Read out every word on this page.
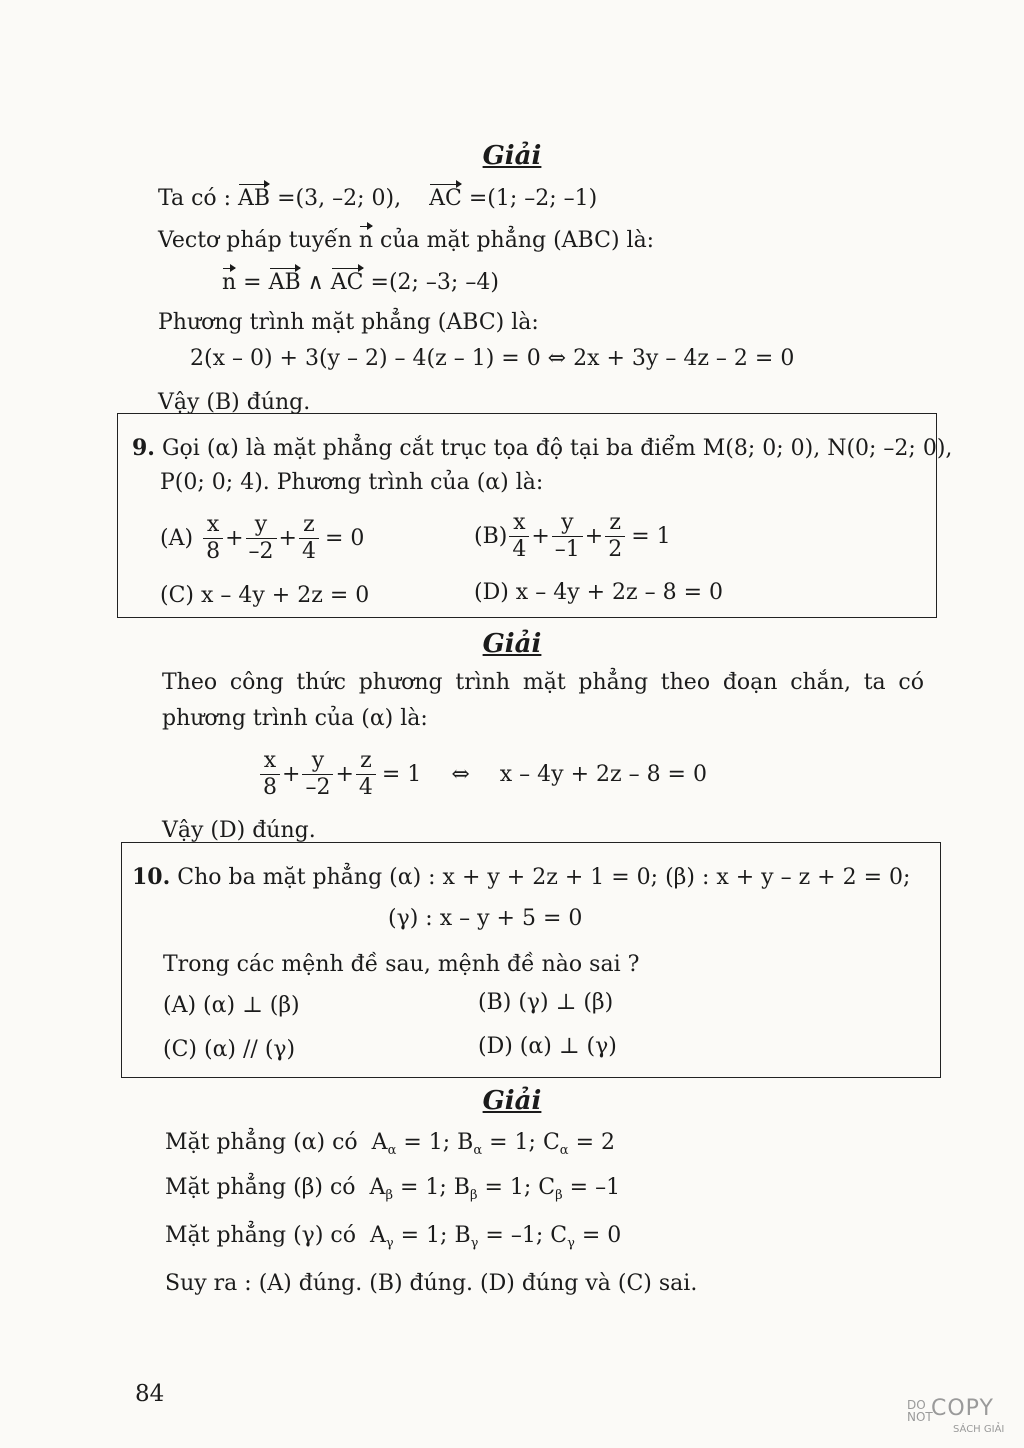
Giải
Ta có : AB =(3, –2; 0), AC =(1; –2; –1)
Vectơ pháp tuyến n của mặt phẳng (ABC) là:
n = AB ∧ AC =(2; –3; –4)
Phương trình mặt phẳng (ABC) là:
2(x – 0) + 3(y – 2) – 4(z – 1) = 0 ⇔ 2x + 3y – 4z – 2 = 0
Vậy (B) đúng.
9. Gọi (α) là mặt phẳng cắt trục tọa độ tại ba điểm M(8; 0; 0), N(0; –2; 0),
P(0; 0; 4). Phương trình của (α) là:
$(A) \frac{x}{8} + \frac{y}{-2} + \frac{z}{4} = 0$	$(B) \frac{x}{4} + \frac{y}{-1} + \frac{z}{2} = 1$
(C) x – 4y + 2z = 0	(D) x – 4y + 2z – 8 = 0
Giải
Theo công thức phương trình mặt phẳng theo đoạn chắn, ta có
phương trình của (α) là:
$\frac{x}{8} + \frac{y}{-2} + \frac{z}{4} = 1$ ⇔ x – 4y + 2z – 8 = 0
Vậy (D) đúng.
10. Cho ba mặt phẳng (α) : x + y + 2z + 1 = 0; (β) : x + y – z + 2 = 0;
(γ) : x – y + 5 = 0
Trong các mệnh đề sau, mệnh đề nào sai ?
(A) (α) ⊥ (β)	(B) (γ) ⊥ (β)
(C) (α) // (γ)	(D) (α) ⊥ (γ)
Giải
Mặt phẳng (α) có $A_\alpha = 1$; $B_\alpha = 1$; $C_\alpha = 2$
Mặt phẳng (β) có $A_\beta = 1$; $B_\beta = 1$; $C_\beta = -1$
Mặt phẳng (γ) có $A_\gamma = 1$; $B_\gamma = -1$; $C_\gamma = 0$
Suy ra : (A) đúng. (B) đúng. (D) đúng và (C) sai.
84	DO
NOT
COPY
SÁCH GIẢI
